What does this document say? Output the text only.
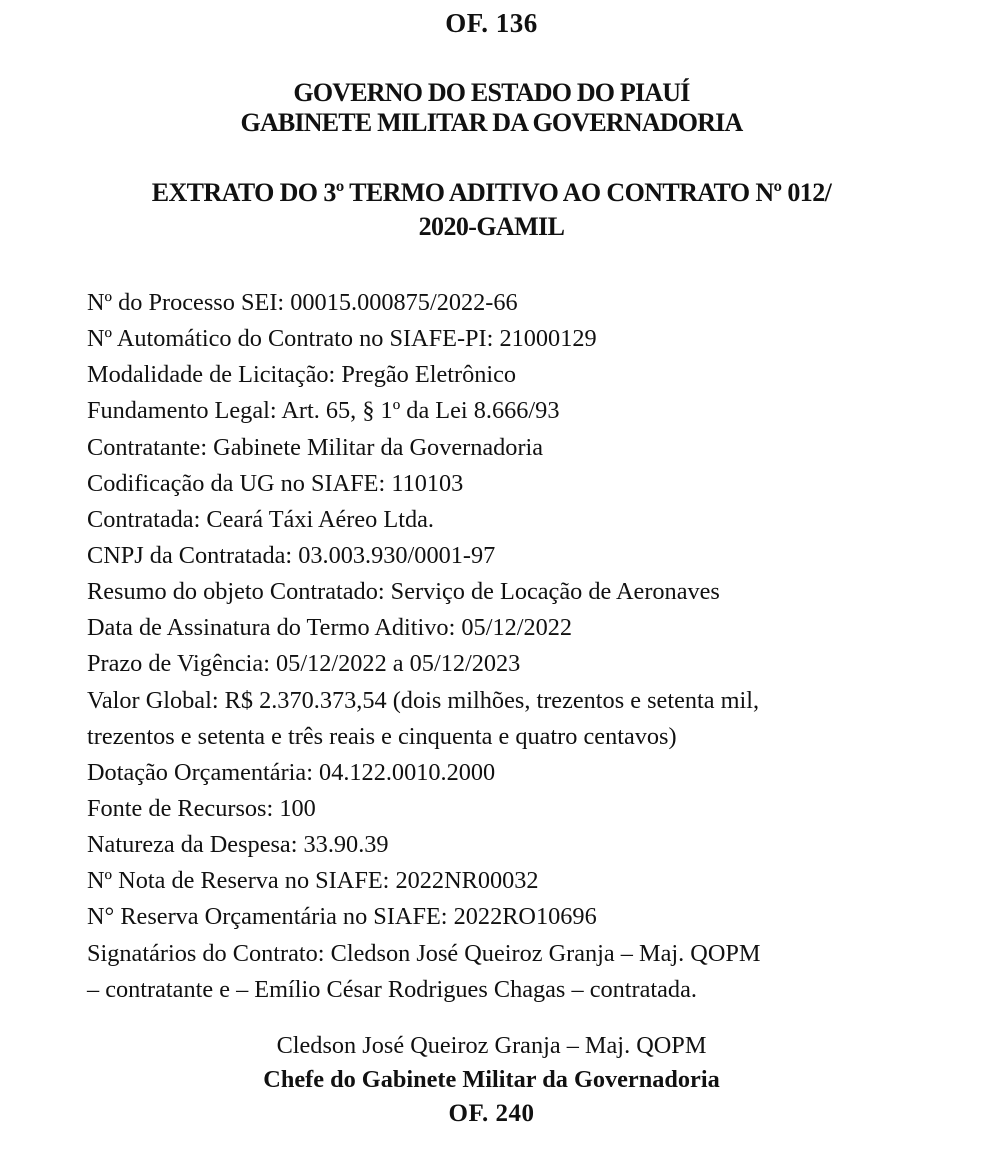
OF. 136
GOVERNO DO ESTADO DO PIAUÍ
GABINETE MILITAR DA GOVERNADORIA
EXTRATO DO 3º TERMO ADITIVO AO CONTRATO Nº 012/
2020-GAMIL
Nº do Processo SEI: 00015.000875/2022-66
Nº Automático do Contrato no SIAFE-PI: 21000129
Modalidade de Licitação: Pregão Eletrônico
Fundamento Legal: Art. 65, § 1º da Lei 8.666/93
Contratante: Gabinete Militar da Governadoria
Codificação da UG no SIAFE: 110103
Contratada: Ceará Táxi Aéreo Ltda.
CNPJ da Contratada: 03.003.930/0001-97
Resumo do objeto Contratado: Serviço de Locação de Aeronaves
Data de Assinatura do Termo Aditivo: 05/12/2022
Prazo de Vigência: 05/12/2022 a 05/12/2023
Valor Global: R$ 2.370.373,54 (dois milhões, trezentos e setenta mil,
trezentos e setenta e três reais e cinquenta e quatro centavos)
Dotação Orçamentária: 04.122.0010.2000
Fonte de Recursos: 100
Natureza da Despesa: 33.90.39
Nº Nota de Reserva no SIAFE: 2022NR00032
N° Reserva Orçamentária no SIAFE: 2022RO10696
Signatários do Contrato: Cledson José Queiroz Granja – Maj. QOPM
– contratante e – Emílio César Rodrigues Chagas – contratada.
Cledson José Queiroz Granja – Maj. QOPM
Chefe do Gabinete Militar da Governadoria
OF. 240
